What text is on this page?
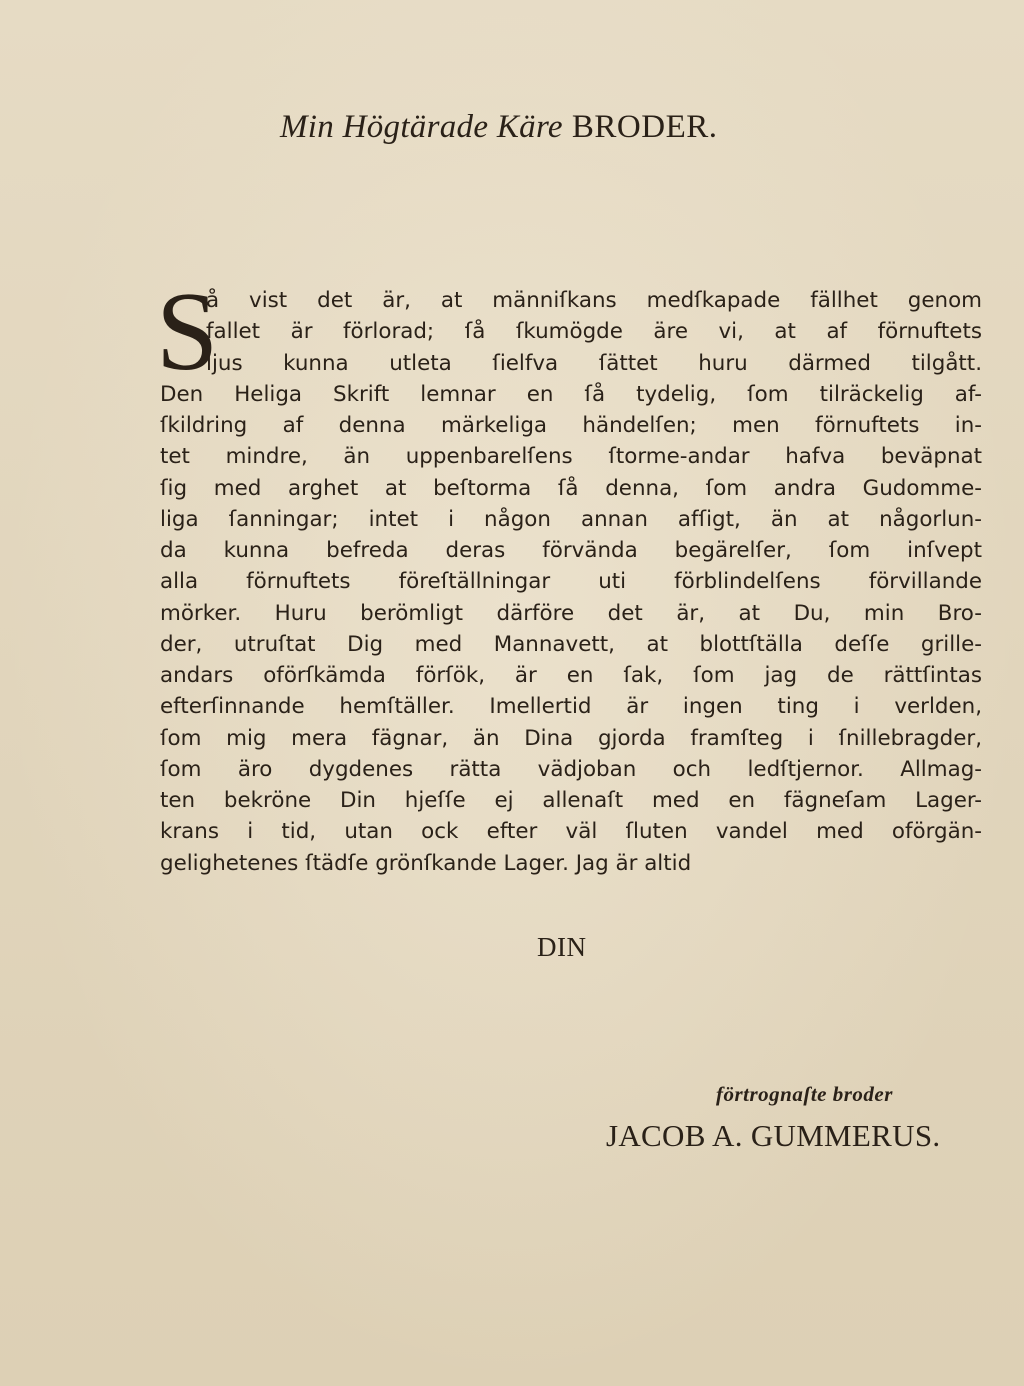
Min Högtärade Käre BRODER.
S
å vist det är, at männiſkans medſkapade fällhet genom
fallet är förlorad; ſå ſkumögde äre vi, at af förnuftets
ljus kunna utleta ſielfva ſättet huru därmed tilgått.
Den Heliga Skrift lemnar en ſå tydelig, ſom tilräckelig af-
ſkildring af denna märkeliga händelſen; men förnuftets in-
tet mindre, än uppenbarelſens ſtorme-andar hafva beväpnat
ſig med arghet at beſtorma ſå denna, ſom andra Gudomme-
liga ſanningar; intet i någon annan afſigt, än at någorlun-
da kunna befreda deras förvända begärelſer, ſom inſvept
alla förnuftets föreſtällningar uti förblindelſens förvillande
mörker. Huru berömligt därföre det är, at Du, min Bro-
der, utruſtat Dig med Mannavett, at blottſtälla deſſe grille-
andars oförſkämda förſök, är en ſak, ſom jag de rättſintas
efterſinnande hemſtäller. Imellertid är ingen ting i verlden,
ſom mig mera fägnar, än Dina gjorda framſteg i ſnillebragder,
ſom äro dygdenes rätta vädjoban och ledſtjernor. Allmag-
ten bekröne Din hjeſſe ej allenaſt med en fägneſam Lager-
krans i tid, utan ock efter väl ſluten vandel med oförgän-
gelighetenes ſtädſe grönſkande Lager. Jag är altid
DIN
förtrognaſte broder
JACOB A. GUMMERUS.
